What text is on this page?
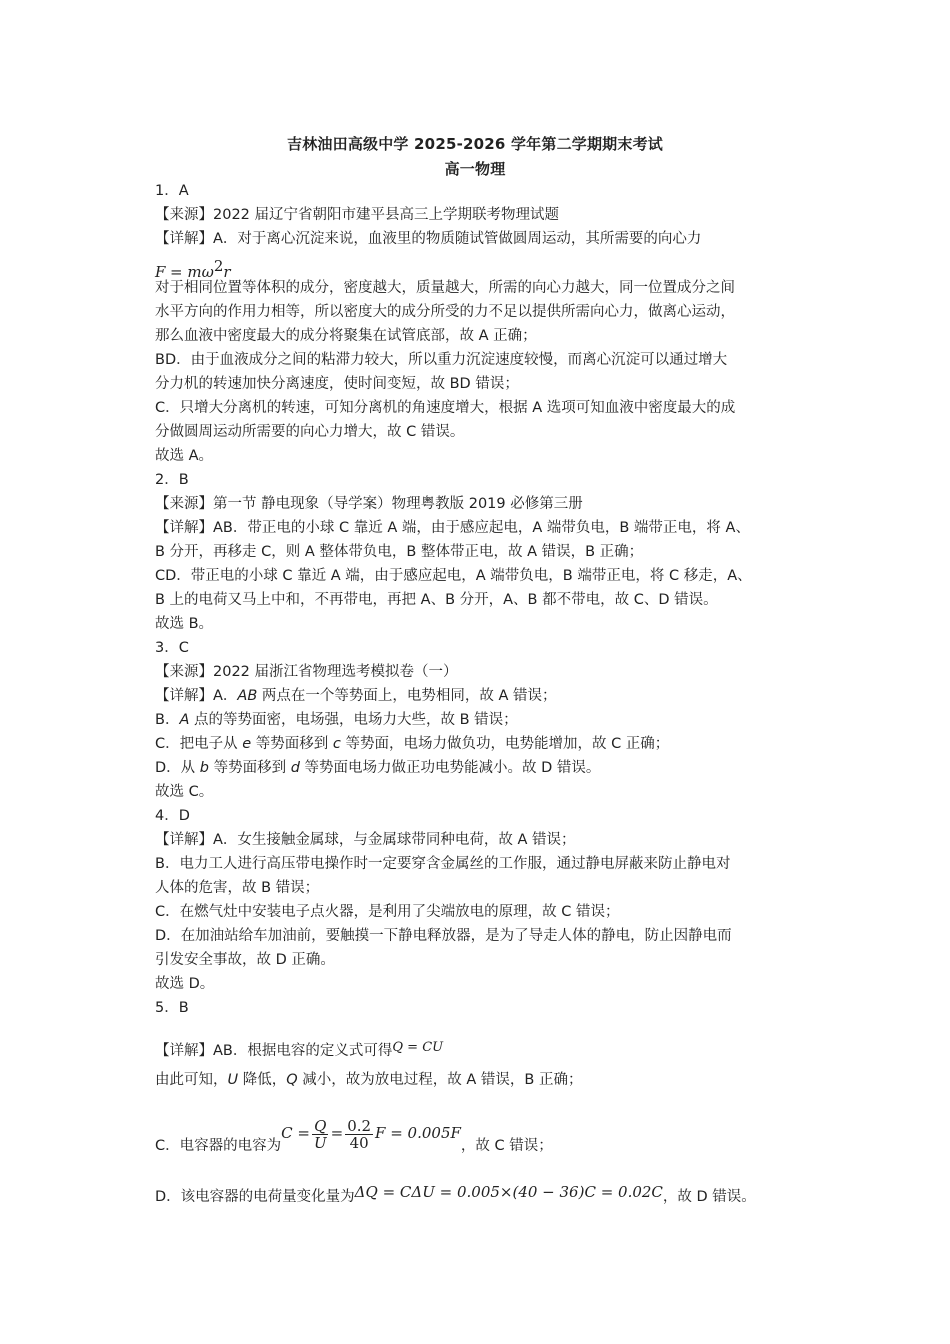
吉林油田高级中学 2025-2026 学年第二学期期末考试
高一物理
1．A
【来源】2022 届辽宁省朝阳市建平县高三上学期联考物理试题
【详解】A．对于离心沉淀来说，血液里的物质随试管做圆周运动，其所需要的向心力
$F = m\omega^2r$
对于相同位置等体积的成分，密度越大，质量越大，所需的向心力越大，同一位置成分之间
水平方向的作用力相等，所以密度大的成分所受的力不足以提供所需向心力，做离心运动，
那么血液中密度最大的成分将聚集在试管底部，故 A 正确；
BD．由于血液成分之间的粘滞力较大，所以重力沉淀速度较慢，而离心沉淀可以通过增大
分力机的转速加快分离速度，使时间变短，故 BD 错误；
C．只增大分离机的转速，可知分离机的角速度增大，根据 A 选项可知血液中密度最大的成
分做圆周运动所需要的向心力增大，故 C 错误。
故选 A。
2．B
【来源】第一节 静电现象（导学案）物理粤教版 2019 必修第三册
【详解】AB．带正电的小球 C 靠近 A 端，由于感应起电，A 端带负电，B 端带正电，将 A、
B 分开，再移走 C，则 A 整体带负电，B 整体带正电，故 A 错误，B 正确；
CD．带正电的小球 C 靠近 A 端，由于感应起电，A 端带负电，B 端带正电，将 C 移走，A、
B 上的电荷又马上中和，不再带电，再把 A、B 分开，A、B 都不带电，故 C、D 错误。
故选 B。
3．C
【来源】2022 届浙江省物理选考模拟卷（一）
【详解】A．AB 两点在一个等势面上，电势相同，故 A 错误；
B．A 点的等势面密，电场强，电场力大些，故 B 错误；
C．把电子从 e 等势面移到 c 等势面，电场力做负功，电势能增加，故 C 正确；
D．从 b 等势面移到 d 等势面电场力做正功电势能减小。故 D 错误。
故选 C。
4．D
【详解】A．女生接触金属球，与金属球带同种电荷，故 A 错误；
B．电力工人进行高压带电操作时一定要穿含金属丝的工作服，通过静电屏蔽来防止静电对
人体的危害，故 B 错误；
C．在燃气灶中安装电子点火器，是利用了尖端放电的原理，故 C 错误；
D．在加油站给车加油前，要触摸一下静电释放器，是为了导走人体的静电，防止因静电而
引发安全事故，故 D 正确。
故选 D。
5．B
【详解】AB．根据电容的定义式可得Q = CU
由此可知，U 降低，Q 减小，故为放电过程，故 A 错误，B 正确；
C．电容器的电容为$C = \frac{Q}{U} = \frac{0.2}{40}$ F = 0.005F，故 C 错误；
D．该电容器的电荷量变化量为ΔQ = CΔU = 0.005×(40 − 36)C = 0.02C，故 D 错误。
